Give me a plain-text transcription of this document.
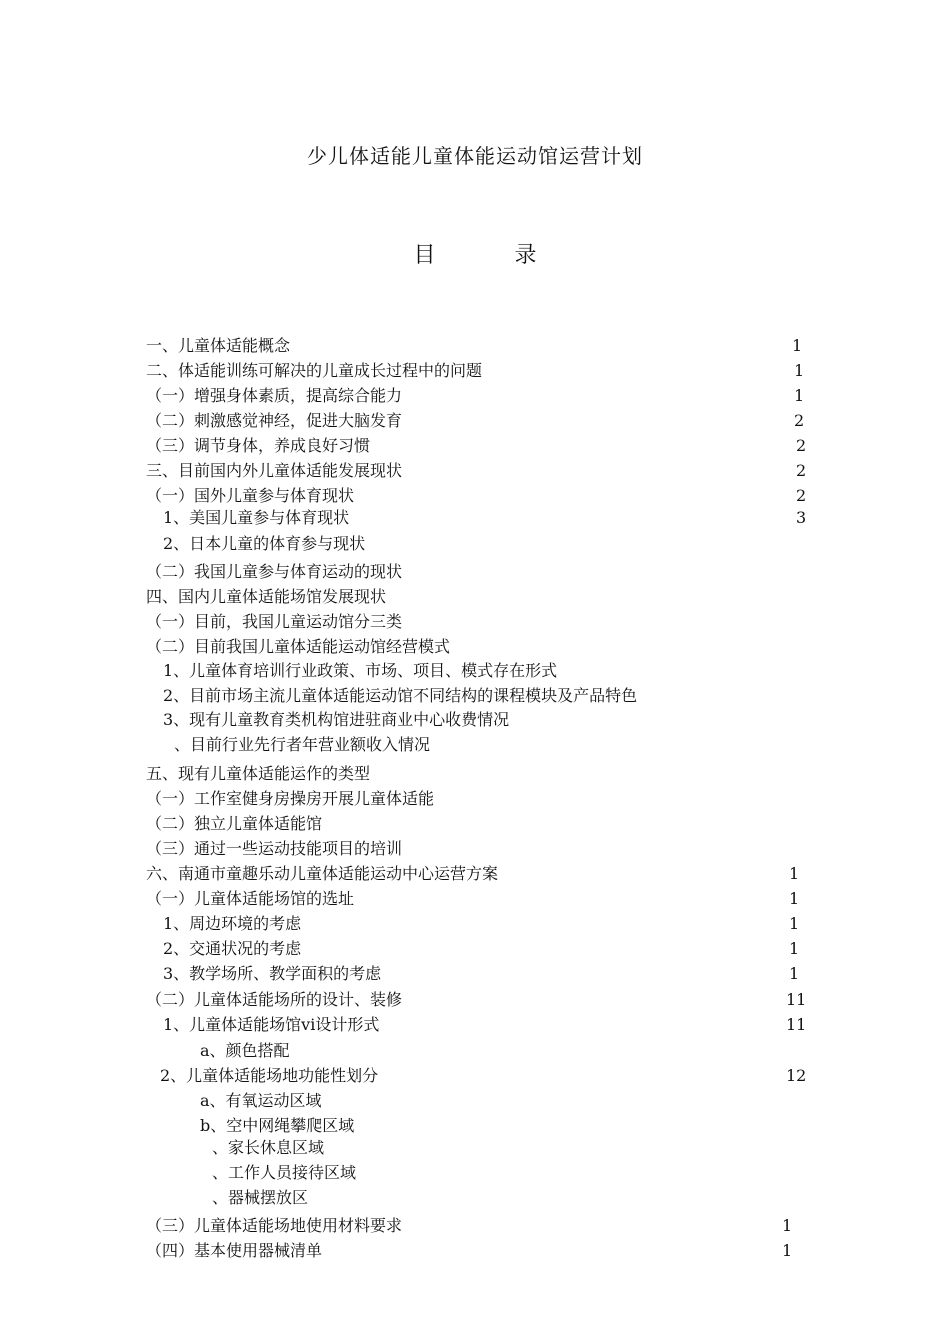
少儿体适能儿童体能运动馆运营计划
目 录
一、儿童体适能概念	1
二、体适能训练可解决的儿童成长过程中的问题	1
（一）增强身体素质，提高综合能力	1
（二）刺激感觉神经，促进大脑发育	2
（三）调节身体，养成良好习惯	2
三、目前国内外儿童体适能发展现状	2
（一）国外儿童参与体育现状	2
1、美国儿童参与体育现状	3
2、日本儿童的体育参与现状
（二）我国儿童参与体育运动的现状
四、国内儿童体适能场馆发展现状
（一）目前，我国儿童运动馆分三类
（二）目前我国儿童体适能运动馆经营模式
1、儿童体育培训行业政策、市场、项目、模式存在形式
2、目前市场主流儿童体适能运动馆不同结构的课程模块及产品特色
3、现有儿童教育类机构馆进驻商业中心收费情况
、目前行业先行者年营业额收入情况
五、现有儿童体适能运作的类型
（一）工作室健身房操房开展儿童体适能
（二）独立儿童体适能馆
（三）通过一些运动技能项目的培训
六、南通市童趣乐动儿童体适能运动中心运营方案	1
（一）儿童体适能场馆的选址	1
1、周边环境的考虑	1
2、交通状况的考虑	1
3、教学场所、教学面积的考虑	1
（二）儿童体适能场所的设计、装修	11
1、儿童体适能场馆vi设计形式	11
a、颜色搭配
2、儿童体适能场地功能性划分	12
a、有氧运动区域
b、空中网绳攀爬区域
、家长休息区域
、工作人员接待区域
、器械摆放区
（三）儿童体适能场地使用材料要求	1
（四）基本使用器械清单	1
